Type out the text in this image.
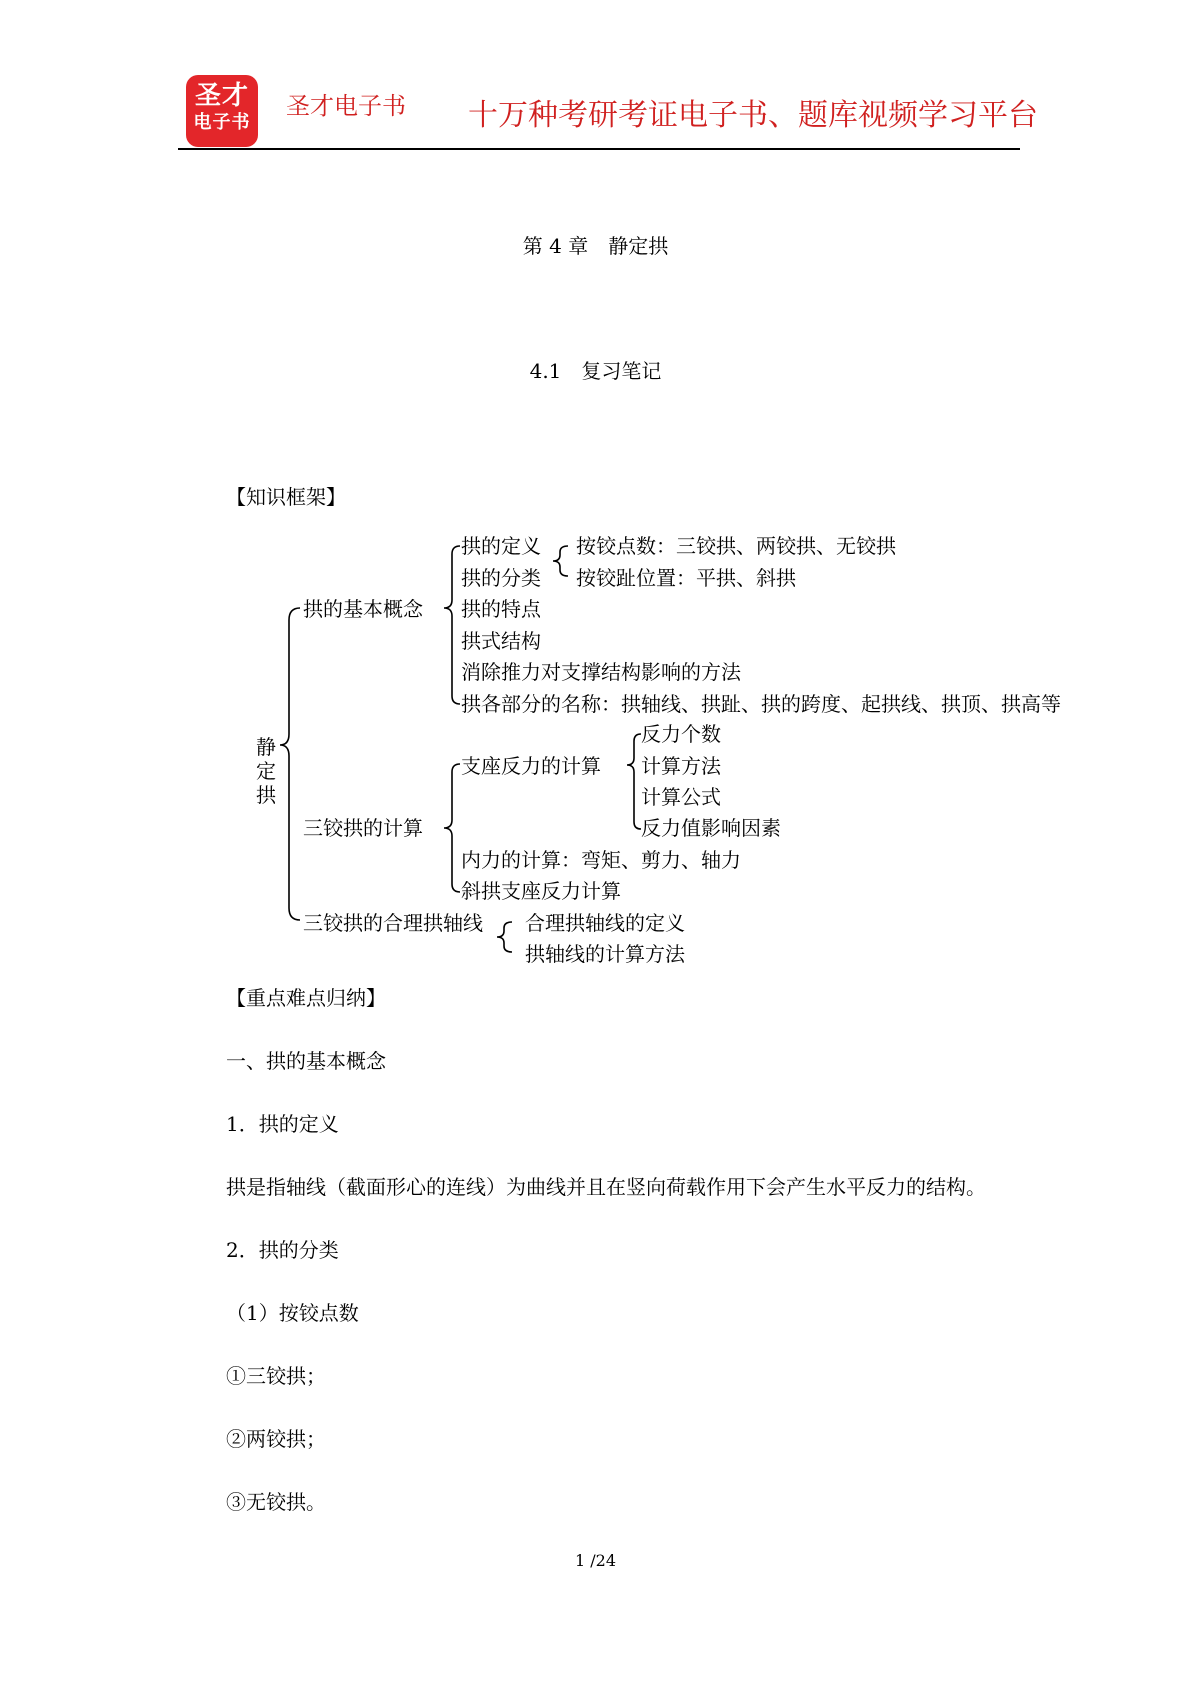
圣才
电子书
圣才电子书 十万种考研考证电子书、题库视频学习平台
第 4 章　静定拱
4.1　复习笔记
【知识框架】
静
定
拱
拱的基本概念
拱的定义
拱的分类
拱的特点
拱式结构
消除推力对支撑结构影响的方法
拱各部分的名称：拱轴线、拱趾、拱的跨度、起拱线、拱顶、拱高等
按铰点数：三铰拱、两铰拱、无铰拱
按铰趾位置：平拱、斜拱
三铰拱的计算
支座反力的计算
内力的计算：弯矩、剪力、轴力
斜拱支座反力计算
反力个数
计算方法
计算公式
反力值影响因素
三铰拱的合理拱轴线 合理拱轴线的定义
拱轴线的计算方法
【重点难点归纳】
一、拱的基本概念
1．拱的定义
拱是指轴线（截面形心的连线）为曲线并且在竖向荷载作用下会产生水平反力的结构。
2．拱的分类
（1）按铰点数
①三铰拱；
②两铰拱；
③无铰拱。
1 /24
